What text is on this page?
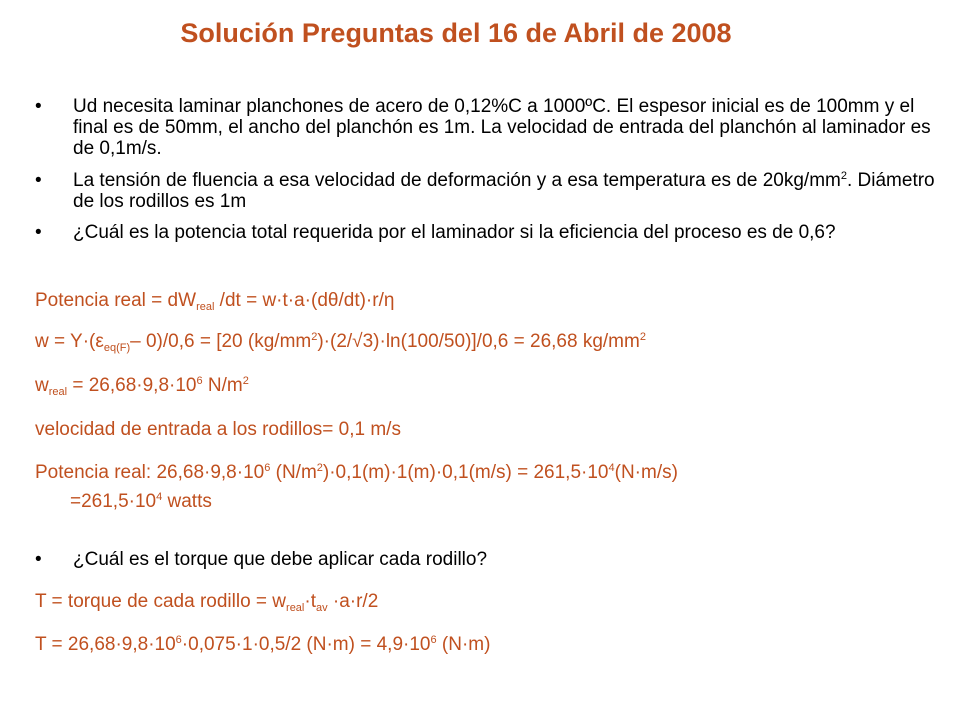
Solución Preguntas del 16 de Abril de 2008
• Ud necesita laminar planchones de acero de 0,12%C a 1000ºC. El espesor inicial es de 100mm y el final es de 50mm, el ancho del planchón es 1m. La velocidad de entrada del planchón al laminador es de 0,1m/s.
• La tensión de fluencia a esa velocidad de deformación y a esa temperatura es de $20kg/mm^2$. Diámetro de los rodillos es 1m
• ¿Cuál es la potencia total requerida por el laminador si la eficiencia del proceso es de 0,6?
Potencia real = $dW_{real}$ /dt = w·t·a·(dθ/dt)·r/η
$w = Y\cdot(\varepsilon_{eq(F)}-$ 0)/0,6 = [20 $(kg/mm^2)\cdot(2/√3)\cdot\ln(100/50)]/0,6 = 26,68$ $kg/mm^2$
$w_{real} = 26,68\cdot 9,8\cdot 10^6$ $N/m^2$
velocidad de entrada a los rodillos= 0,1 m/s
Potencia real: $26,68\cdot 9,8\cdot 10^6$ $(N/m^2)\cdot 0,1(m)\cdot 1(m)\cdot 0,1(m/s) = 261,5\cdot 10^4(N\cdot m/s)$
$=261,5\cdot 10^4$ watts
• ¿Cuál es el torque que debe aplicar cada rodillo?
T = torque de cada rodillo = $w_{real}\cdot t_{av} \cdot a\cdot r/2$
$T = 26,68\cdot 9,8\cdot 10^6\cdot 0,075\cdot 1\cdot 0,5/2$ $(N\cdot m) = 4,9\cdot 10^6$ (N·m)
